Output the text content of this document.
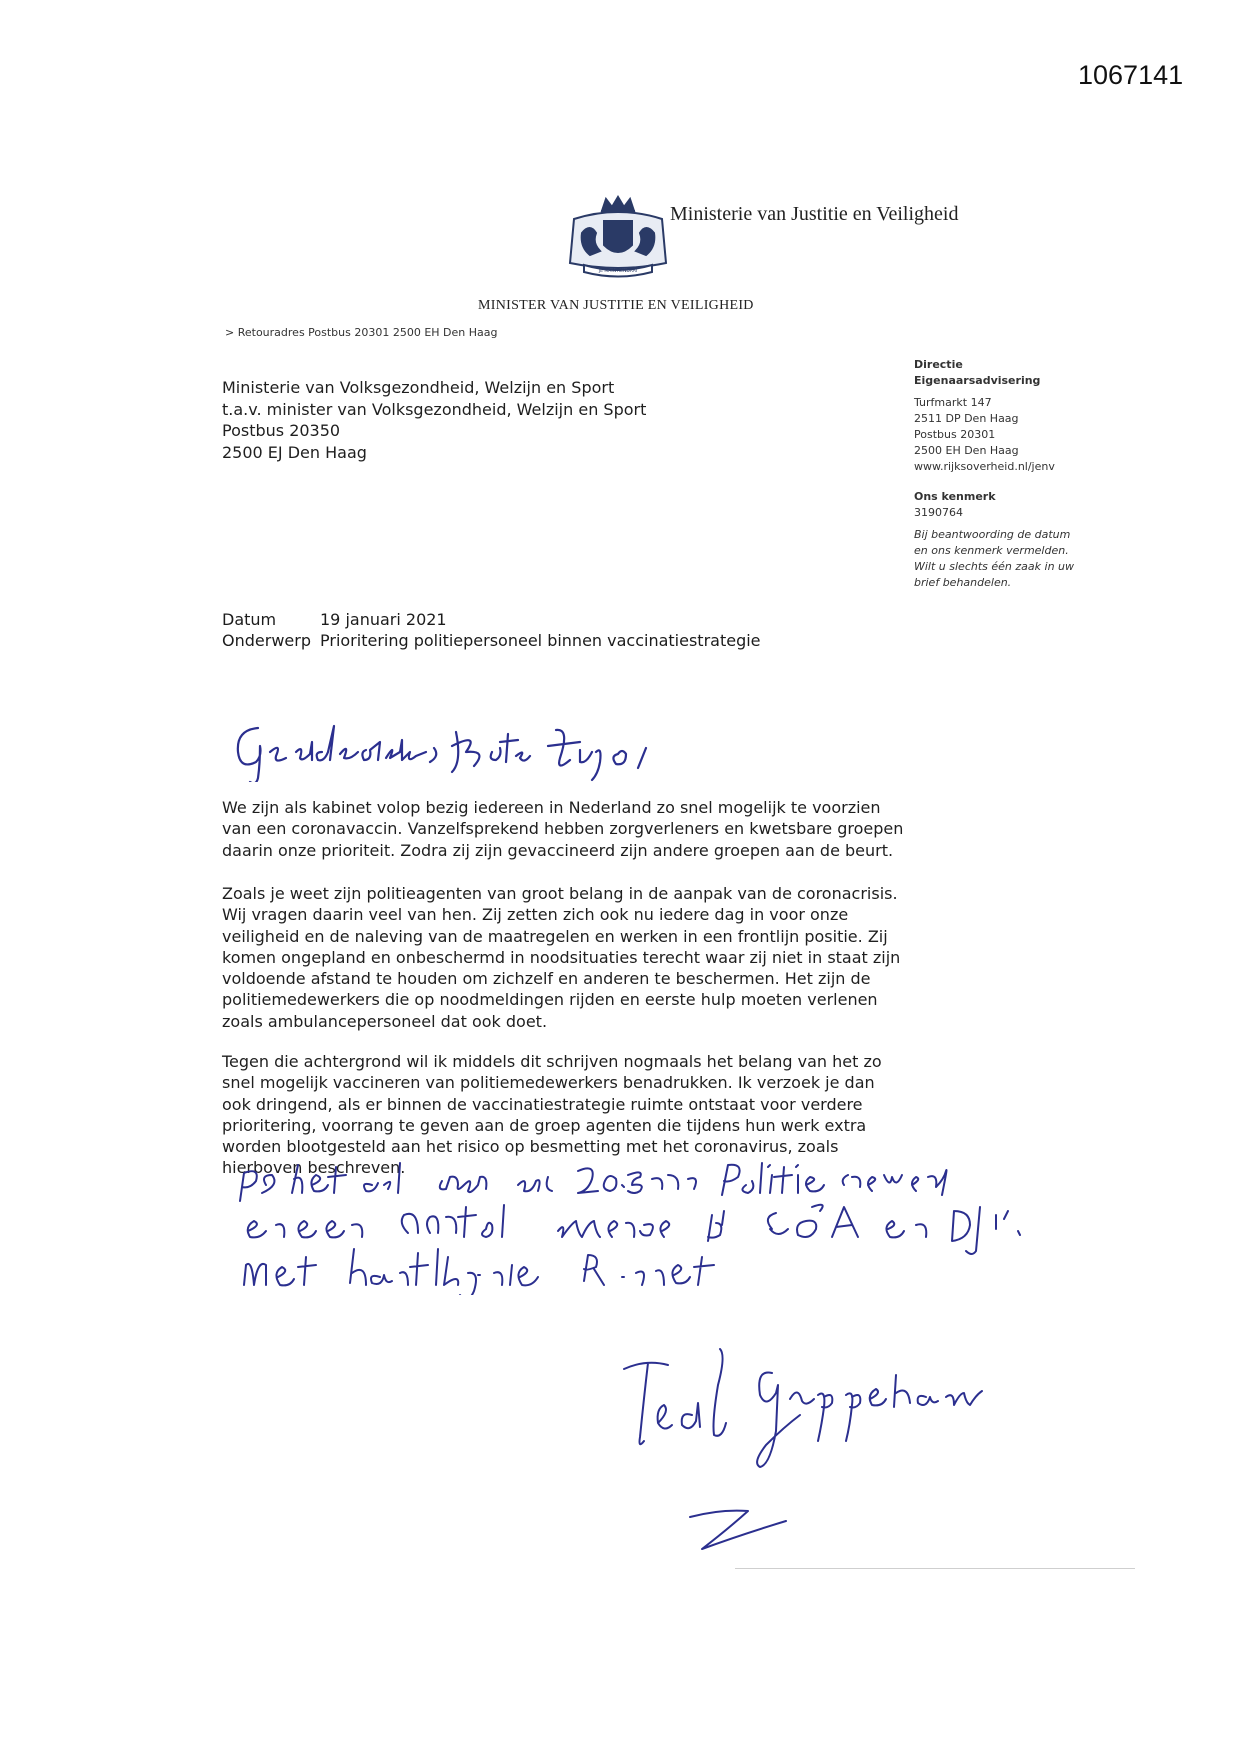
1067141
JE MAINTIENDRAI
Ministerie van Justitie en Veiligheid
MINISTER VAN JUSTITIE EN VEILIGHEID
> Retouradres Postbus 20301 2500 EH Den Haag
Ministerie van Volksgezondheid, Welzijn en Sport
t.a.v. minister van Volksgezondheid, Welzijn en Sport
Postbus 20350
2500 EJ Den Haag
Directie
Eigenaarsadvisering
Turfmarkt 147
2511 DP Den Haag
Postbus 20301
2500 EH Den Haag
www.rijksoverheid.nl/jenv
Ons kenmerk
3190764
Bij beantwoording de datum
en ons kenmerk vermelden.
Wilt u slechts één zaak in uw
brief behandelen.
Datum	19 januari 2021
Onderwerp	Prioritering politiepersoneel binnen vaccinatiestrategie
We zijn als kabinet volop bezig iedereen in Nederland zo snel mogelijk te voorzien
van een coronavaccin. Vanzelfsprekend hebben zorgverleners en kwetsbare groepen
daarin onze prioriteit. Zodra zij zijn gevaccineerd zijn andere groepen aan de beurt.
Zoals je weet zijn politieagenten van groot belang in de aanpak van de coronacrisis.
Wij vragen daarin veel van hen. Zij zetten zich ook nu iedere dag in voor onze
veiligheid en de naleving van de maatregelen en werken in een frontlijn positie. Zij
komen ongepland en onbeschermd in noodsituaties terecht waar zij niet in staat zijn
voldoende afstand te houden om zichzelf en anderen te beschermen. Het zijn de
politiemedewerkers die op noodmeldingen rijden en eerste hulp moeten verlenen
zoals ambulancepersoneel dat ook doet.
Tegen die achtergrond wil ik middels dit schrijven nogmaals het belang van het zo
snel mogelijk vaccineren van politiemedewerkers benadrukken. Ik verzoek je dan
ook dringend, als er binnen de vaccinatiestrategie ruimte ontstaat voor verdere
prioritering, voorrang te geven aan de groep agenten die tijdens hun werk extra
worden blootgesteld aan het risico op besmetting met het coronavirus, zoals
hierboven beschreven.
Z
